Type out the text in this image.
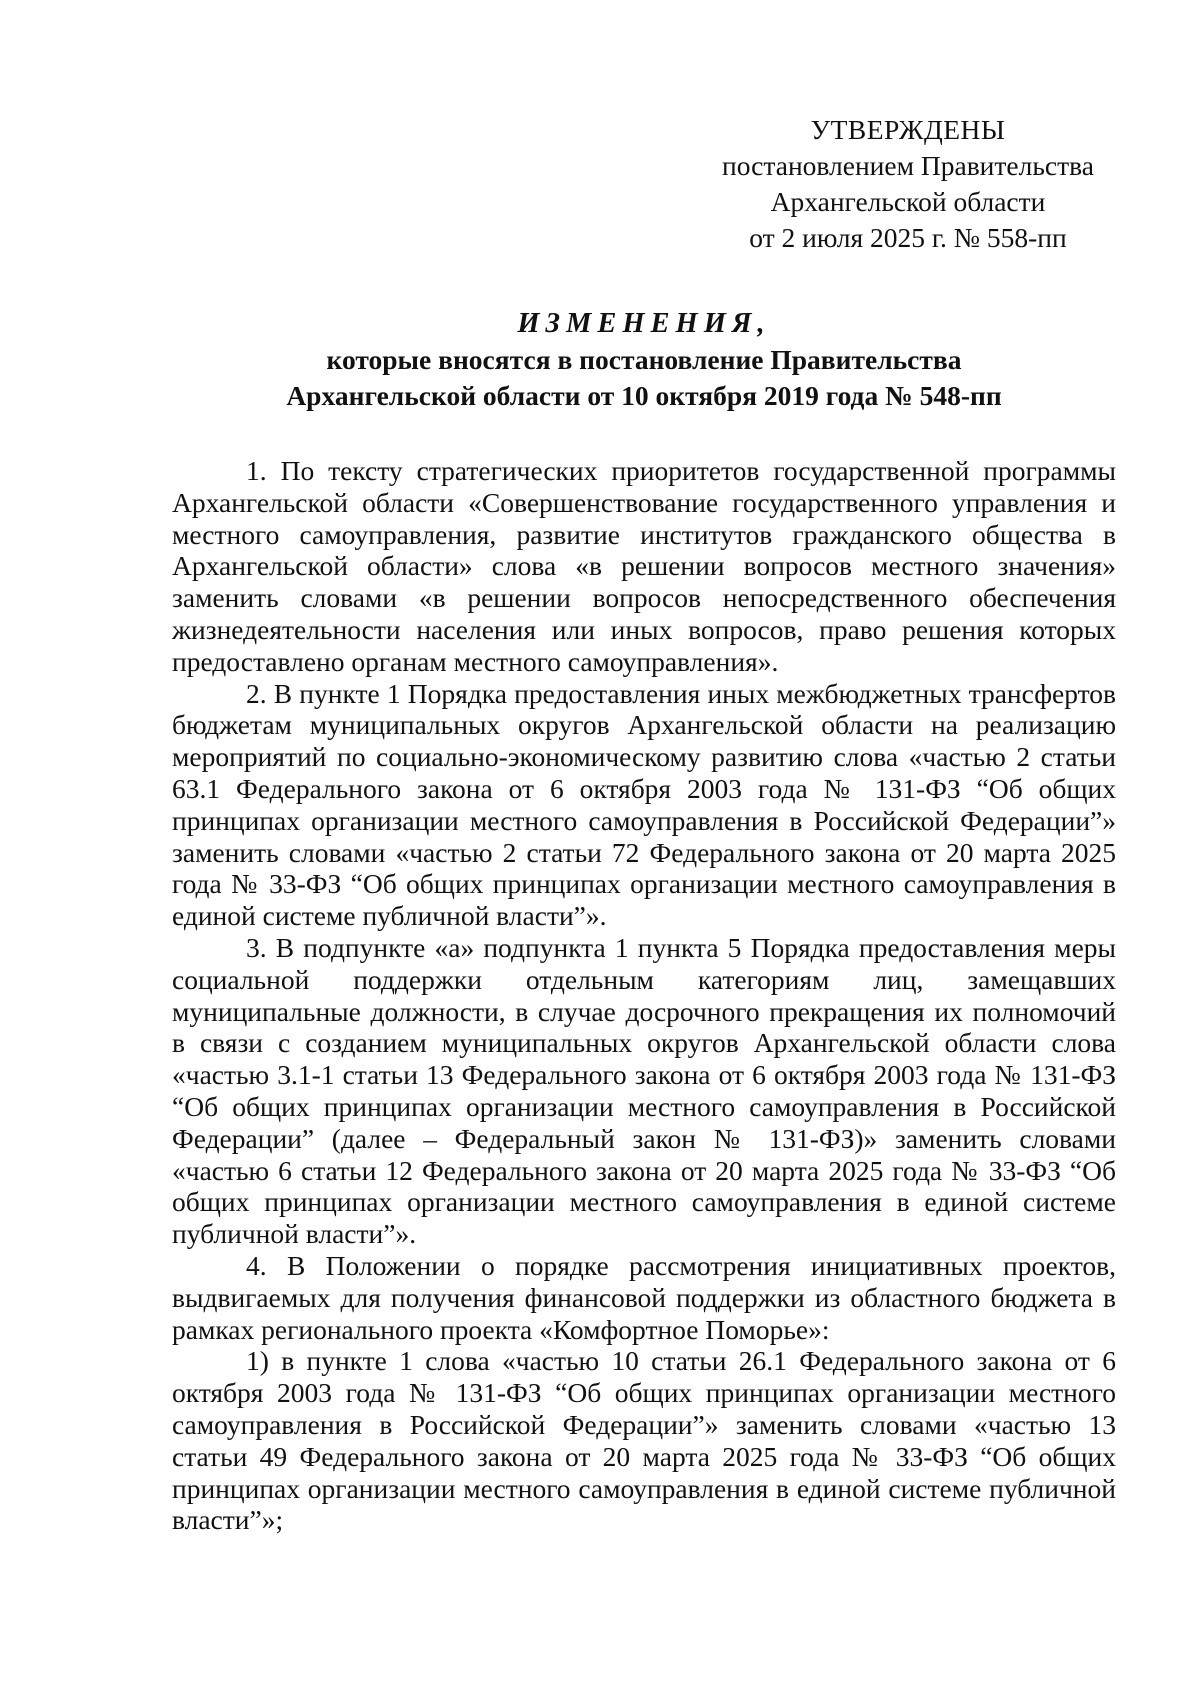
УТВЕРЖДЕНЫ
постановлением Правительства
Архангельской области
от 2 июля 2025 г. № 558-пп
ИЗМЕНЕНИЯ,
которые вносятся в постановление Правительства
Архангельской области от 10 октября 2019 года № 548-пп

1. По тексту стратегических приоритетов государственной программы Архангельской области «Совершенствование государственного управления и местного самоуправления, развитие институтов гражданского общества в Архангельской области» слова «в решении вопросов местного значения» заменить словами «в решении вопросов непосредственного обеспечения жизнедеятельности населения или иных вопросов, право решения которых предоставлено органам местного самоуправления».

2. В пункте 1 Порядка предоставления иных межбюджетных трансфертов бюджетам муниципальных округов Архангельской области на реализацию мероприятий по социально-экономическому развитию слова «частью 2 статьи 63.1 Федерального закона от 6 октября 2003 года № 131-ФЗ “Об общих принципах организации местного самоуправления в Российской Федерации”» заменить словами «частью 2 статьи 72 Федерального закона от 20 марта 2025 года № 33-ФЗ “Об общих принципах организации местного самоуправления в единой системе публичной власти”».

3. В подпункте «а» подпункта 1 пункта 5 Порядка предоставления меры социальной поддержки отдельным категориям лиц, замещавших муниципальные должности, в случае досрочного прекращения их полномочий в связи с созданием муниципальных округов Архангельской области слова «частью 3.1-1 статьи 13 Федерального закона от 6 октября 2003 года № 131-ФЗ “Об общих принципах организации местного самоуправления в Российской Федерации” (далее – Федеральный закон № 131-ФЗ)» заменить словами «частью 6 статьи 12 Федерального закона от 20 марта 2025 года № 33-ФЗ “Об общих принципах организации местного самоуправления в единой системе публичной власти”».

4. В Положении о порядке рассмотрения инициативных проектов, выдвигаемых для получения финансовой поддержки из областного бюджета в рамках регионального проекта «Комфортное Поморье»:

1) в пункте 1 слова «частью 10 статьи 26.1 Федерального закона от 6 октября 2003 года № 131-ФЗ “Об общих принципах организации местного самоуправления в Российской Федерации”» заменить словами «частью 13 статьи 49 Федерального закона от 20 марта 2025 года № 33-ФЗ “Об общих принципах организации местного самоуправления в единой системе публичной власти”»;
